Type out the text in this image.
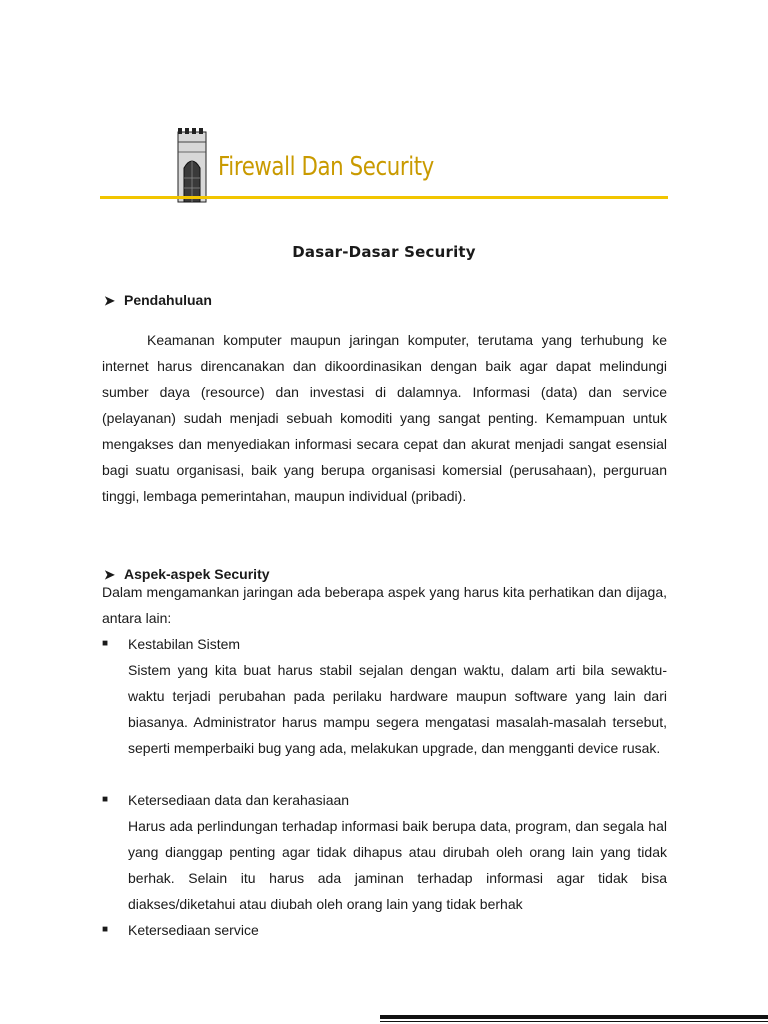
Firewall Dan Security
Dasar-Dasar Security
➤ Pendahuluan

Keamanan komputer maupun jaringan komputer, terutama yang terhubung ke internet harus direncanakan dan dikoordinasikan dengan baik agar dapat melindungi sumber daya (resource) dan investasi di dalamnya. Informasi (data) dan service (pelayanan) sudah menjadi sebuah komoditi yang sangat penting. Kemampuan untuk mengakses dan menyediakan informasi secara cepat dan akurat menjadi sangat esensial bagi suatu organisasi, baik yang berupa organisasi komersial (perusahaan), perguruan tinggi, lembaga pemerintahan, maupun individual (pribadi).

➤ Aspek-aspek Security

Dalam mengamankan jaringan ada beberapa aspek yang harus kita perhatikan dan dijaga, antara lain:

■ Kestabilan Sistem

Sistem yang kita buat harus stabil sejalan dengan waktu, dalam arti bila sewaktu-waktu terjadi perubahan pada perilaku hardware maupun software yang lain dari biasanya. Administrator harus mampu segera mengatasi masalah-masalah tersebut, seperti memperbaiki bug yang ada, melakukan upgrade, dan mengganti device rusak.

■ Ketersediaan data dan kerahasiaan

Harus ada perlindungan terhadap informasi baik berupa data, program, dan segala hal yang dianggap penting agar tidak dihapus atau dirubah oleh orang lain yang tidak berhak. Selain itu harus ada jaminan terhadap informasi agar tidak bisa diakses/diketahui atau diubah oleh orang lain yang tidak berhak

■ Ketersediaan service
